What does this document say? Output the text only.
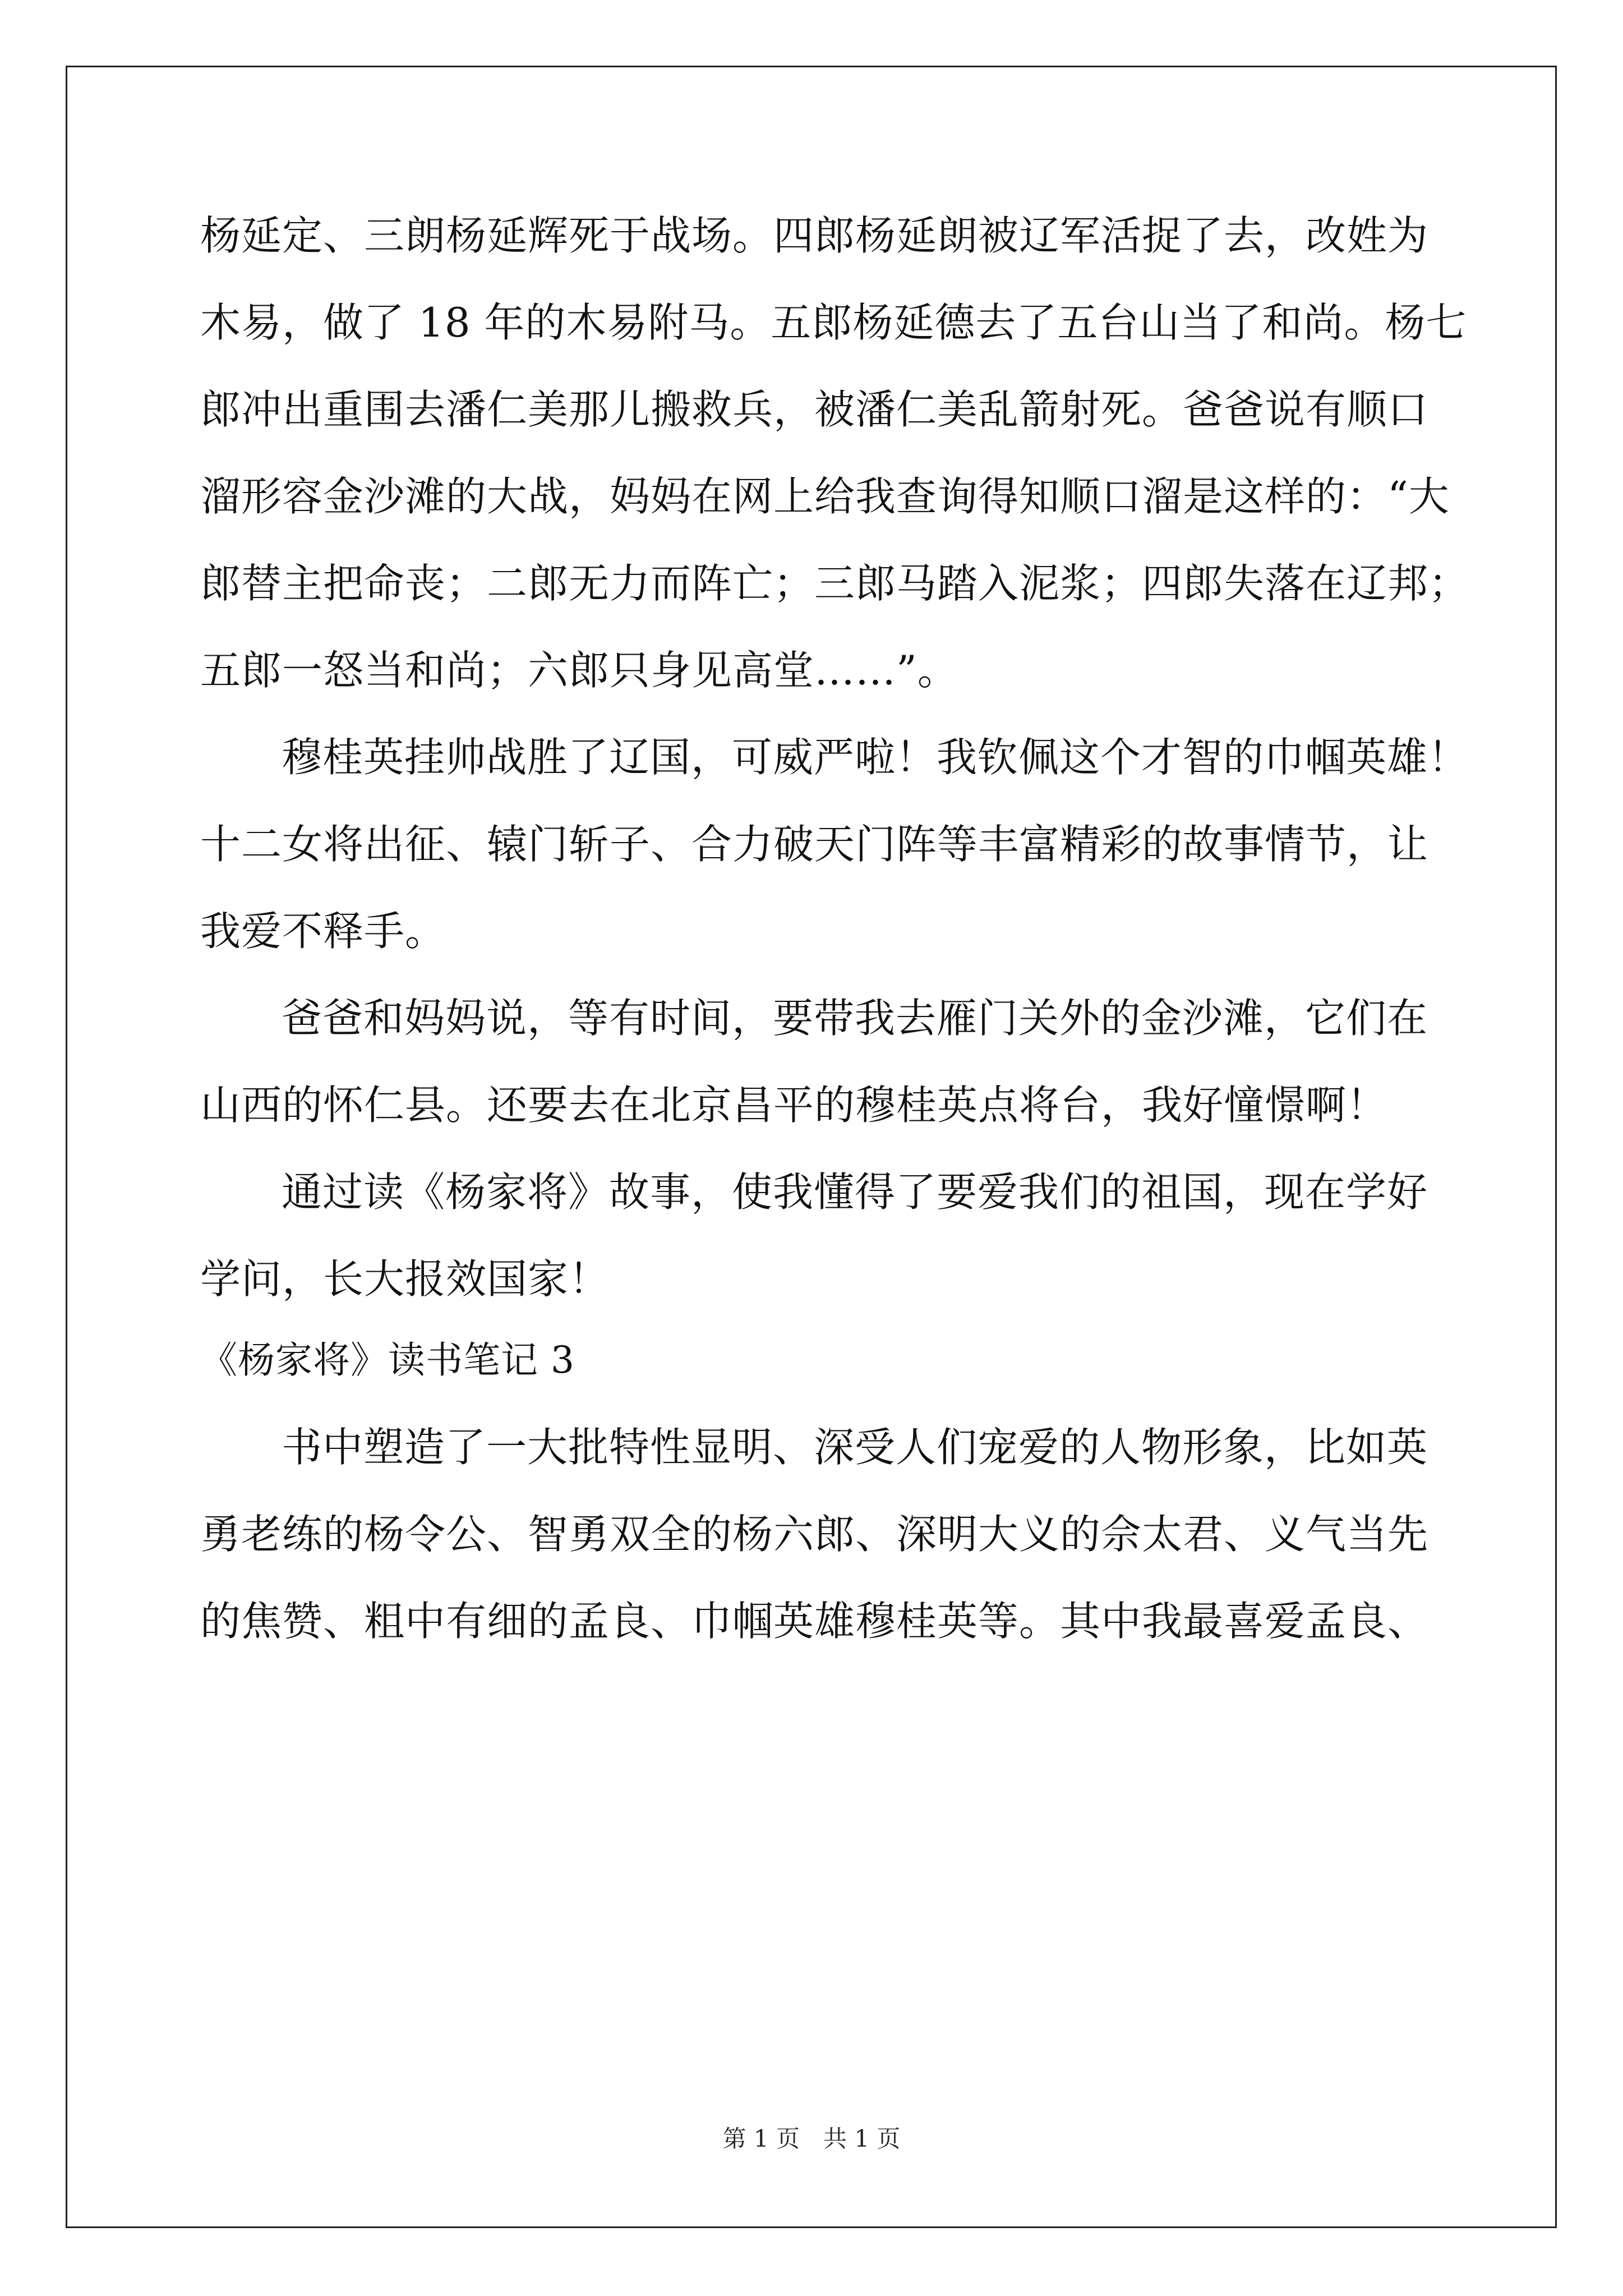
杨延定、三朗杨延辉死于战场。四郎杨延朗被辽军活捉了去，改姓为
木易，做了 18 年的木易附马。五郎杨延德去了五台山当了和尚。杨七
郎冲出重围去潘仁美那儿搬救兵，被潘仁美乱箭射死。爸爸说有顺口
溜形容金沙滩的大战，妈妈在网上给我查询得知顺口溜是这样的：“大
郎替主把命丧；二郎无力而阵亡；三郎马踏入泥浆；四郎失落在辽邦；
五郎一怒当和尚；六郎只身见高堂……”。
穆桂英挂帅战胜了辽国，可威严啦！我钦佩这个才智的巾帼英雄！
十二女将出征、辕门斩子、合力破天门阵等丰富精彩的故事情节，让
我爱不释手。
爸爸和妈妈说，等有时间，要带我去雁门关外的金沙滩，它们在
山西的怀仁县。还要去在北京昌平的穆桂英点将台，我好憧憬啊！
通过读《杨家将》故事，使我懂得了要爱我们的祖国，现在学好
学问，长大报效国家！
《杨家将》读书笔记 3
书中塑造了一大批特性显明、深受人们宠爱的人物形象，比如英
勇老练的杨令公、智勇双全的杨六郎、深明大义的佘太君、义气当先
的焦赞、粗中有细的孟良、巾帼英雄穆桂英等。其中我最喜爱孟良、
第 1 页　共 1 页
